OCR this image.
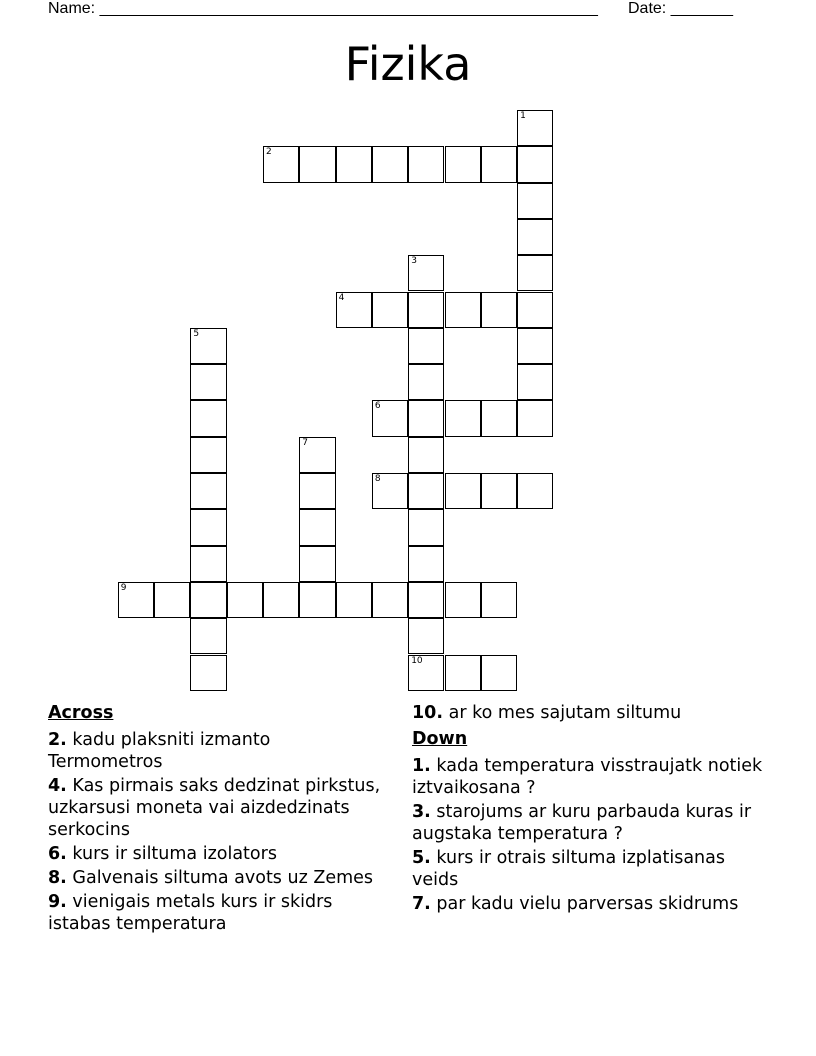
Name: ________________________________________________________ Date: _______
Fizika
1
2
3
4
5
6
7
8
9
10
Across
2. kadu plaksniti izmanto Termometros
4. Kas pirmais saks dedzinat pirkstus, uzkarsusi moneta vai aizdedzinats serkocins
6. kurs ir siltuma izolators
8. Galvenais siltuma avots uz Zemes
9. vienigais metals kurs ir skidrs istabas temperatura
10. ar ko mes sajutam siltumu
Down
1. kada temperatura visstraujatk notiek iztvaikosana ?
3. starojums ar kuru parbauda kuras ir augstaka temperatura ?
5. kurs ir otrais siltuma izplatisanas veids
7. par kadu vielu parversas skidrums
